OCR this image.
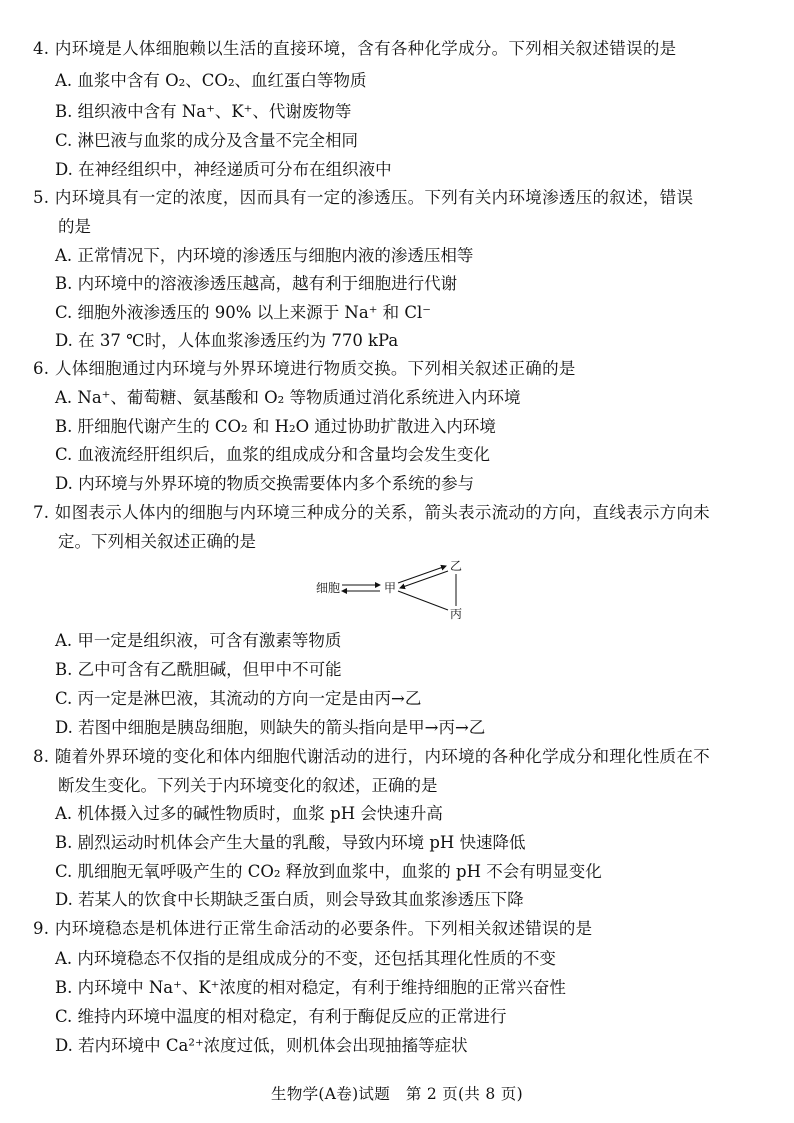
4. 内环境是人体细胞赖以生活的直接环境，含有各种化学成分。下列相关叙述错误的是
A. 血浆中含有 O₂、CO₂、血红蛋白等物质
B. 组织液中含有 Na⁺、K⁺、代谢废物等
C. 淋巴液与血浆的成分及含量不完全相同
D. 在神经组织中，神经递质可分布在组织液中
5. 内环境具有一定的浓度，因而具有一定的渗透压。下列有关内环境渗透压的叙述，错误
的是
A. 正常情况下，内环境的渗透压与细胞内液的渗透压相等
B. 内环境中的溶液渗透压越高，越有利于细胞进行代谢
C. 细胞外液渗透压的 90% 以上来源于 Na⁺ 和 Cl⁻
D. 在 37 ℃时，人体血浆渗透压约为 770 kPa
6. 人体细胞通过内环境与外界环境进行物质交换。下列相关叙述正确的是
A. Na⁺、葡萄糖、氨基酸和 O₂ 等物质通过消化系统进入内环境
B. 肝细胞代谢产生的 CO₂ 和 H₂O 通过协助扩散进入内环境
C. 血液流经肝组织后，血浆的组成成分和含量均会发生变化
D. 内环境与外界环境的物质交换需要体内多个系统的参与
7. 如图表示人体内的细胞与内环境三种成分的关系，箭头表示流动的方向，直线表示方向未
定。下列相关叙述正确的是
细胞	甲
乙
丙
A. 甲一定是组织液，可含有激素等物质
B. 乙中可含有乙酰胆碱，但甲中不可能
C. 丙一定是淋巴液，其流动的方向一定是由丙→乙
D. 若图中细胞是胰岛细胞，则缺失的箭头指向是甲→丙→乙
8. 随着外界环境的变化和体内细胞代谢活动的进行，内环境的各种化学成分和理化性质在不
断发生变化。下列关于内环境变化的叙述，正确的是
A. 机体摄入过多的碱性物质时，血浆 pH 会快速升高
B. 剧烈运动时机体会产生大量的乳酸，导致内环境 pH 快速降低
C. 肌细胞无氧呼吸产生的 CO₂ 释放到血浆中，血浆的 pH 不会有明显变化
D. 若某人的饮食中长期缺乏蛋白质，则会导致其血浆渗透压下降
9. 内环境稳态是机体进行正常生命活动的必要条件。下列相关叙述错误的是
A. 内环境稳态不仅指的是组成成分的不变，还包括其理化性质的不变
B. 内环境中 Na⁺、K⁺浓度的相对稳定，有利于维持细胞的正常兴奋性
C. 维持内环境中温度的相对稳定，有利于酶促反应的正常进行
D. 若内环境中 Ca²⁺浓度过低，则机体会出现抽搐等症状
生物学(A卷)试题　第 2 页(共 8 页)
